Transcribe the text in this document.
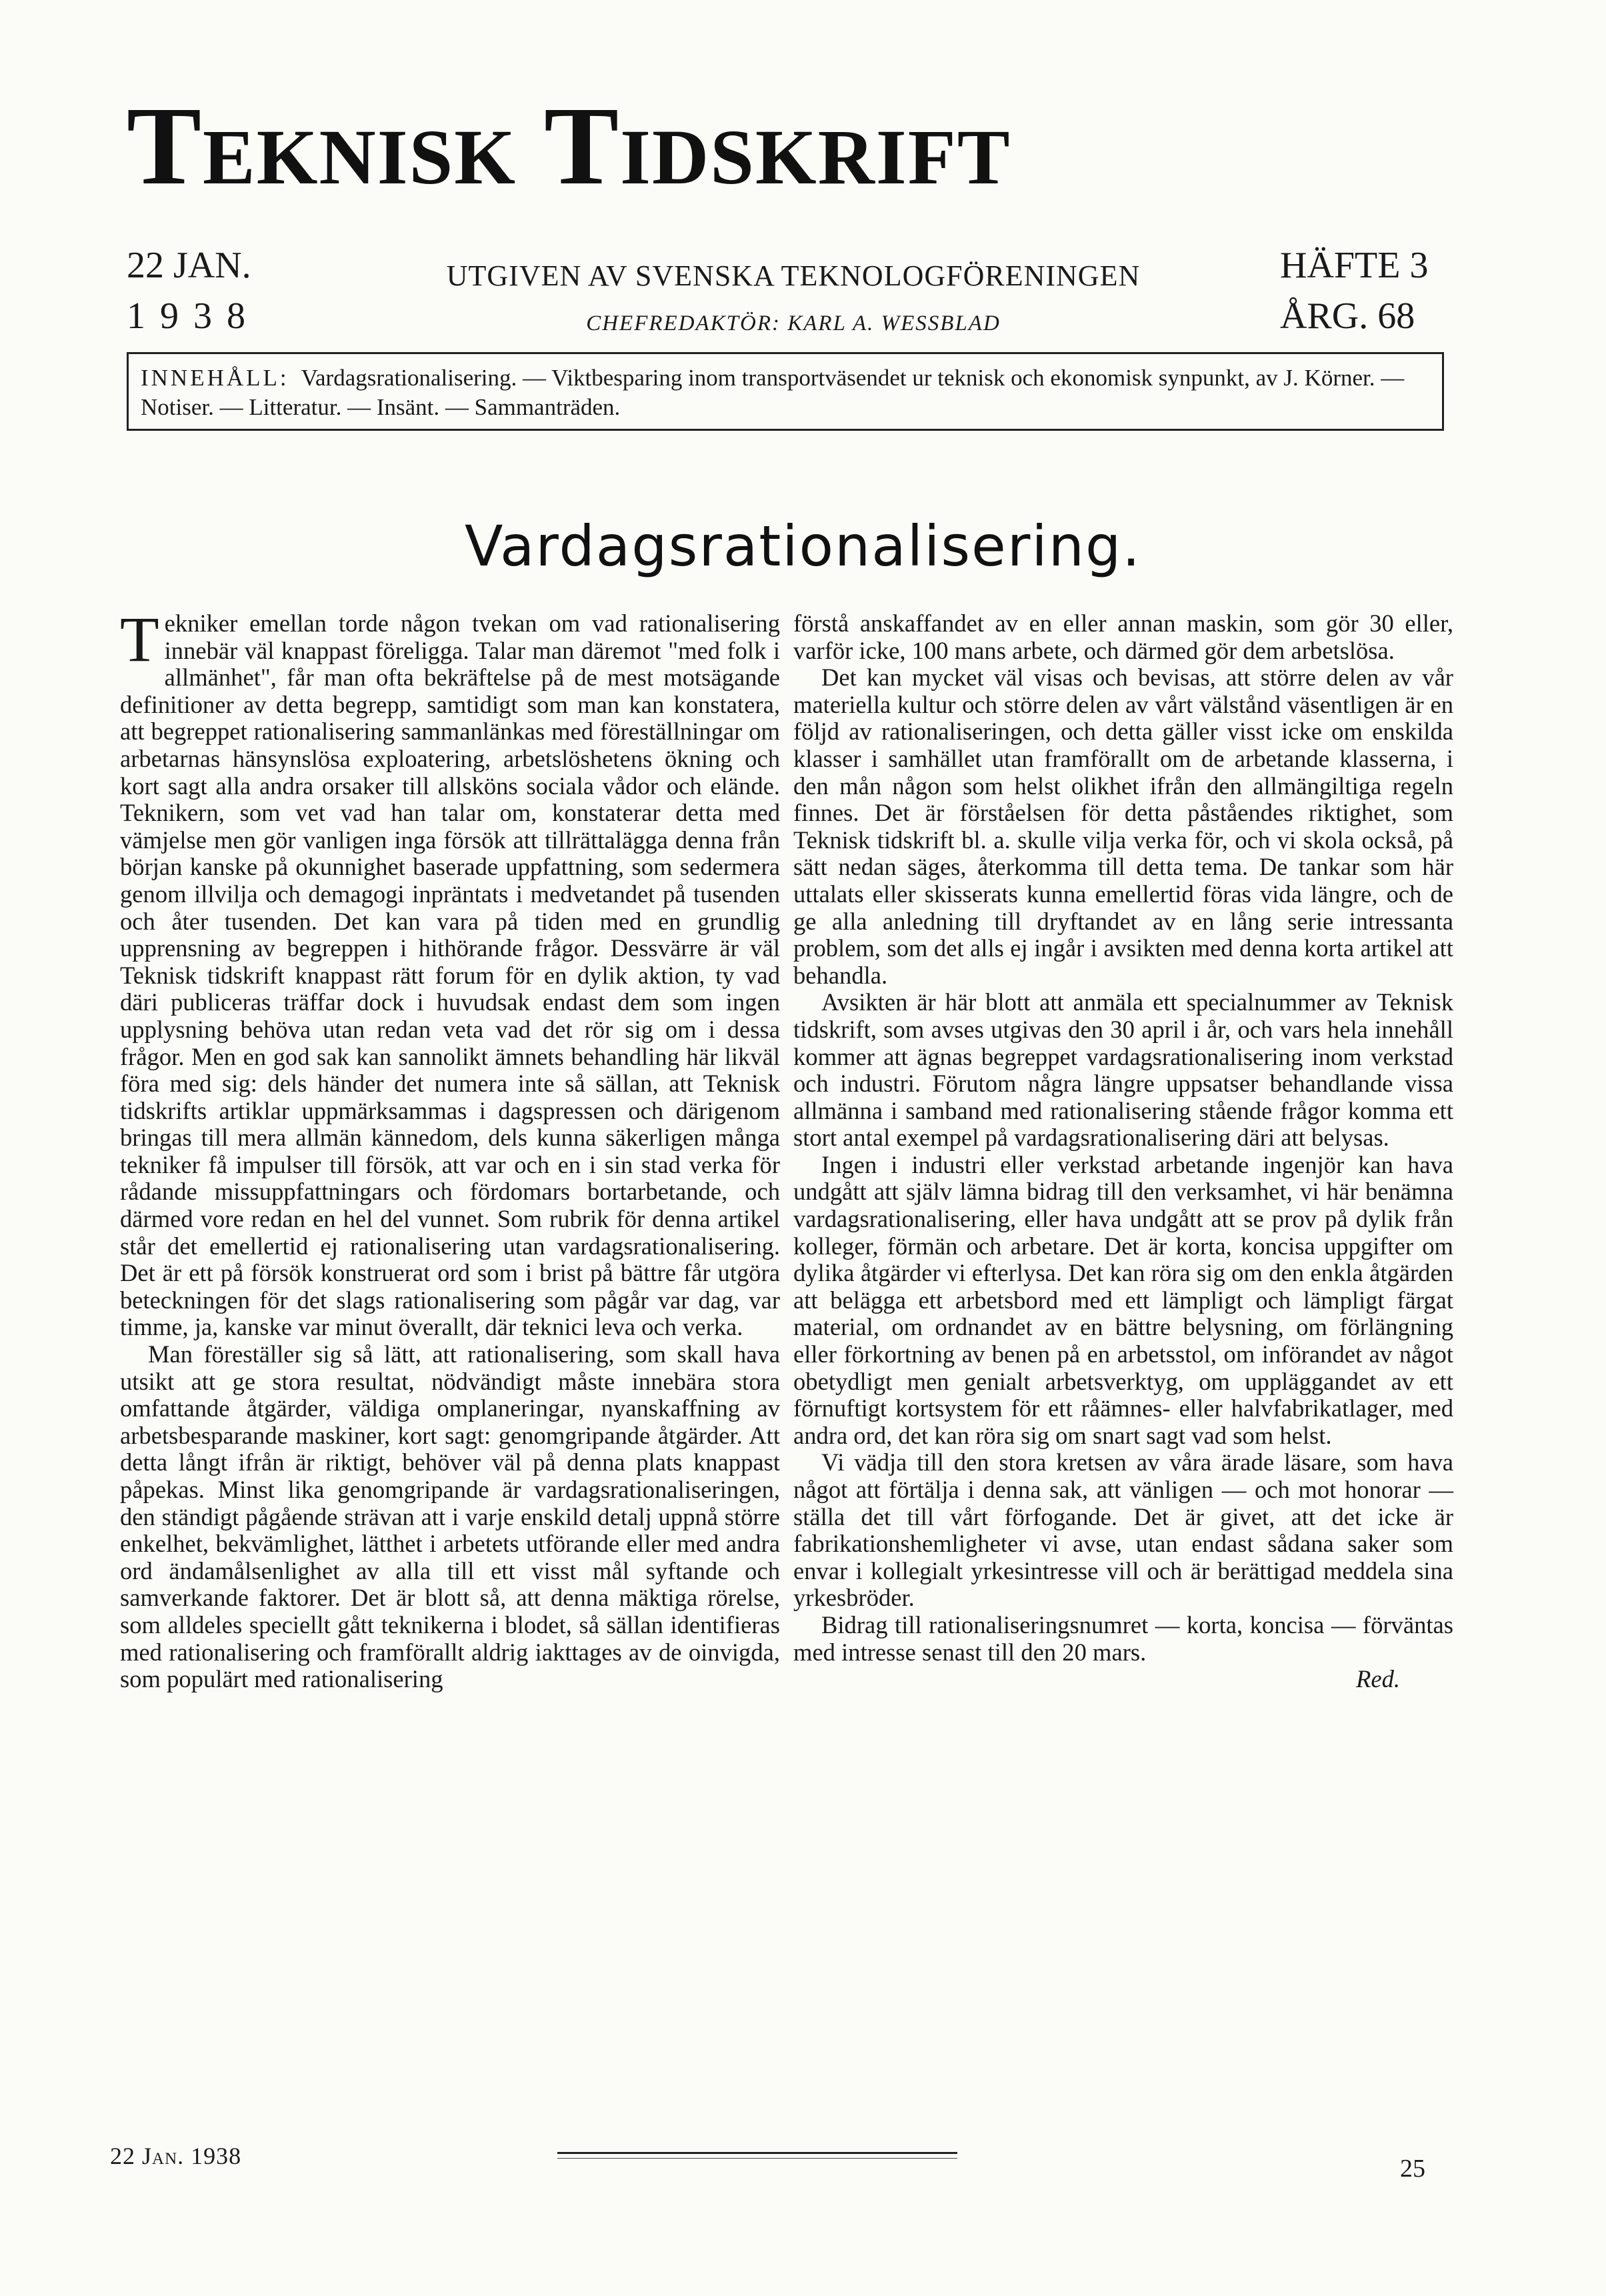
Teknisk Tidskrift
22 JAN.
1938
UTGIVEN AV SVENSKA TEKNOLOGFÖRENINGEN
CHEFREDAKTÖR: KARL A. WESSBLAD
HÄFTE 3
ÅRG. 68
INNEHÅLL: Vardagsrationalisering. — Viktbesparing inom transportväsendet ur teknisk och ekonomisk synpunkt, av J. Körner. — Notiser. — Litteratur. — Insänt. — Sammanträden.
Vardagsrationalisering.

Tekniker emellan torde någon tvekan om vad rationalisering innebär väl knappast föreligga. Talar man däremot "med folk i allmänhet", får man ofta bekräftelse på de mest motsägande definitioner av detta begrepp, samtidigt som man kan konstatera, att begreppet rationalisering sammanlänkas med föreställningar om arbetarnas hänsynslösa exploatering, arbetslöshetens ökning och kort sagt alla andra orsaker till allsköns sociala vådor och elände. Teknikern, som vet vad han talar om, konstaterar detta med vämjelse men gör vanligen inga försök att tillrättalägga denna från början kanske på okunnighet baserade uppfattning, som sedermera genom illvilja och demagogi inpräntats i medvetandet på tusenden och åter tusenden. Det kan vara på tiden med en grundlig upprensning av begreppen i hithörande frågor. Dessvärre är väl Teknisk tidskrift knappast rätt forum för en dylik aktion, ty vad däri publiceras träffar dock i huvudsak endast dem som ingen upplysning behöva utan redan veta vad det rör sig om i dessa frågor. Men en god sak kan sannolikt ämnets behandling här likväl föra med sig: dels händer det numera inte så sällan, att Teknisk tidskrifts artiklar uppmärksammas i dagspressen och därigenom bringas till mera allmän kännedom, dels kunna säkerligen många tekniker få impulser till försök, att var och en i sin stad verka för rådande missuppfattningars och fördomars bortarbetande, och därmed vore redan en hel del vunnet. Som rubrik för denna artikel står det emellertid ej rationalisering utan vardagsrationalisering. Det är ett på försök konstruerat ord som i brist på bättre får utgöra beteckningen för det slags rationalisering som pågår var dag, var timme, ja, kanske var minut överallt, där teknici leva och verka.

Man föreställer sig så lätt, att rationalisering, som skall hava utsikt att ge stora resultat, nödvändigt måste innebära stora omfattande åtgärder, väldiga omplaneringar, nyanskaffning av arbetsbesparande maskiner, kort sagt: genomgripande åtgärder. Att detta långt ifrån är riktigt, behöver väl på denna plats knappast påpekas. Minst lika genomgripande är vardagsrationaliseringen, den ständigt pågående strävan att i varje enskild detalj uppnå större enkelhet, bekvämlighet, lätthet i arbetets utförande eller med andra ord ändamålsenlighet av alla till ett visst mål syftande och samverkande faktorer. Det är blott så, att denna mäktiga rörelse, som alldeles speciellt gått teknikerna i blodet, så sällan identifieras med rationalisering och framförallt aldrig iakttages av de oinvigda, som populärt med rationalisering

förstå anskaffandet av en eller annan maskin, som gör 30 eller, varför icke, 100 mans arbete, och därmed gör dem arbetslösa.

Det kan mycket väl visas och bevisas, att större delen av vår materiella kultur och större delen av vårt välstånd väsentligen är en följd av rationaliseringen, och detta gäller visst icke om enskilda klasser i samhället utan framförallt om de arbetande klasserna, i den mån någon som helst olikhet ifrån den allmängiltiga regeln finnes. Det är förståelsen för detta påståendes riktighet, som Teknisk tidskrift bl. a. skulle vilja verka för, och vi skola också, på sätt nedan säges, återkomma till detta tema. De tankar som här uttalats eller skisserats kunna emellertid föras vida längre, och de ge alla anledning till dryftandet av en lång serie intressanta problem, som det alls ej ingår i avsikten med denna korta artikel att behandla.

Avsikten är här blott att anmäla ett specialnummer av Teknisk tidskrift, som avses utgivas den 30 april i år, och vars hela innehåll kommer att ägnas begreppet vardagsrationalisering inom verkstad och industri. Förutom några längre uppsatser behandlande vissa allmänna i samband med rationalisering stående frågor komma ett stort antal exempel på vardagsrationalisering däri att belysas.

Ingen i industri eller verkstad arbetande ingenjör kan hava undgått att själv lämna bidrag till den verksamhet, vi här benämna vardagsrationalisering, eller hava undgått att se prov på dylik från kolleger, förmän och arbetare. Det är korta, koncisa uppgifter om dylika åtgärder vi efterlysa. Det kan röra sig om den enkla åtgärden att belägga ett arbetsbord med ett lämpligt och lämpligt färgat material, om ordnandet av en bättre belysning, om förlängning eller förkortning av benen på en arbetsstol, om införandet av något obetydligt men genialt arbetsverktyg, om uppläggandet av ett förnuftigt kortsystem för ett råämnes- eller halvfabrikatlager, med andra ord, det kan röra sig om snart sagt vad som helst.

Vi vädja till den stora kretsen av våra ärade läsare, som hava något att förtälja i denna sak, att vänligen — och mot honorar — ställa det till vårt förfogande. Det är givet, att det icke är fabrikationshemligheter vi avse, utan endast sådana saker som envar i kollegialt yrkesintresse vill och är berättigad meddela sina yrkesbröder.

Bidrag till rationaliseringsnumret — korta, koncisa — förväntas med intresse senast till den 20 mars.

Red.
22 Jan. 1938	25
